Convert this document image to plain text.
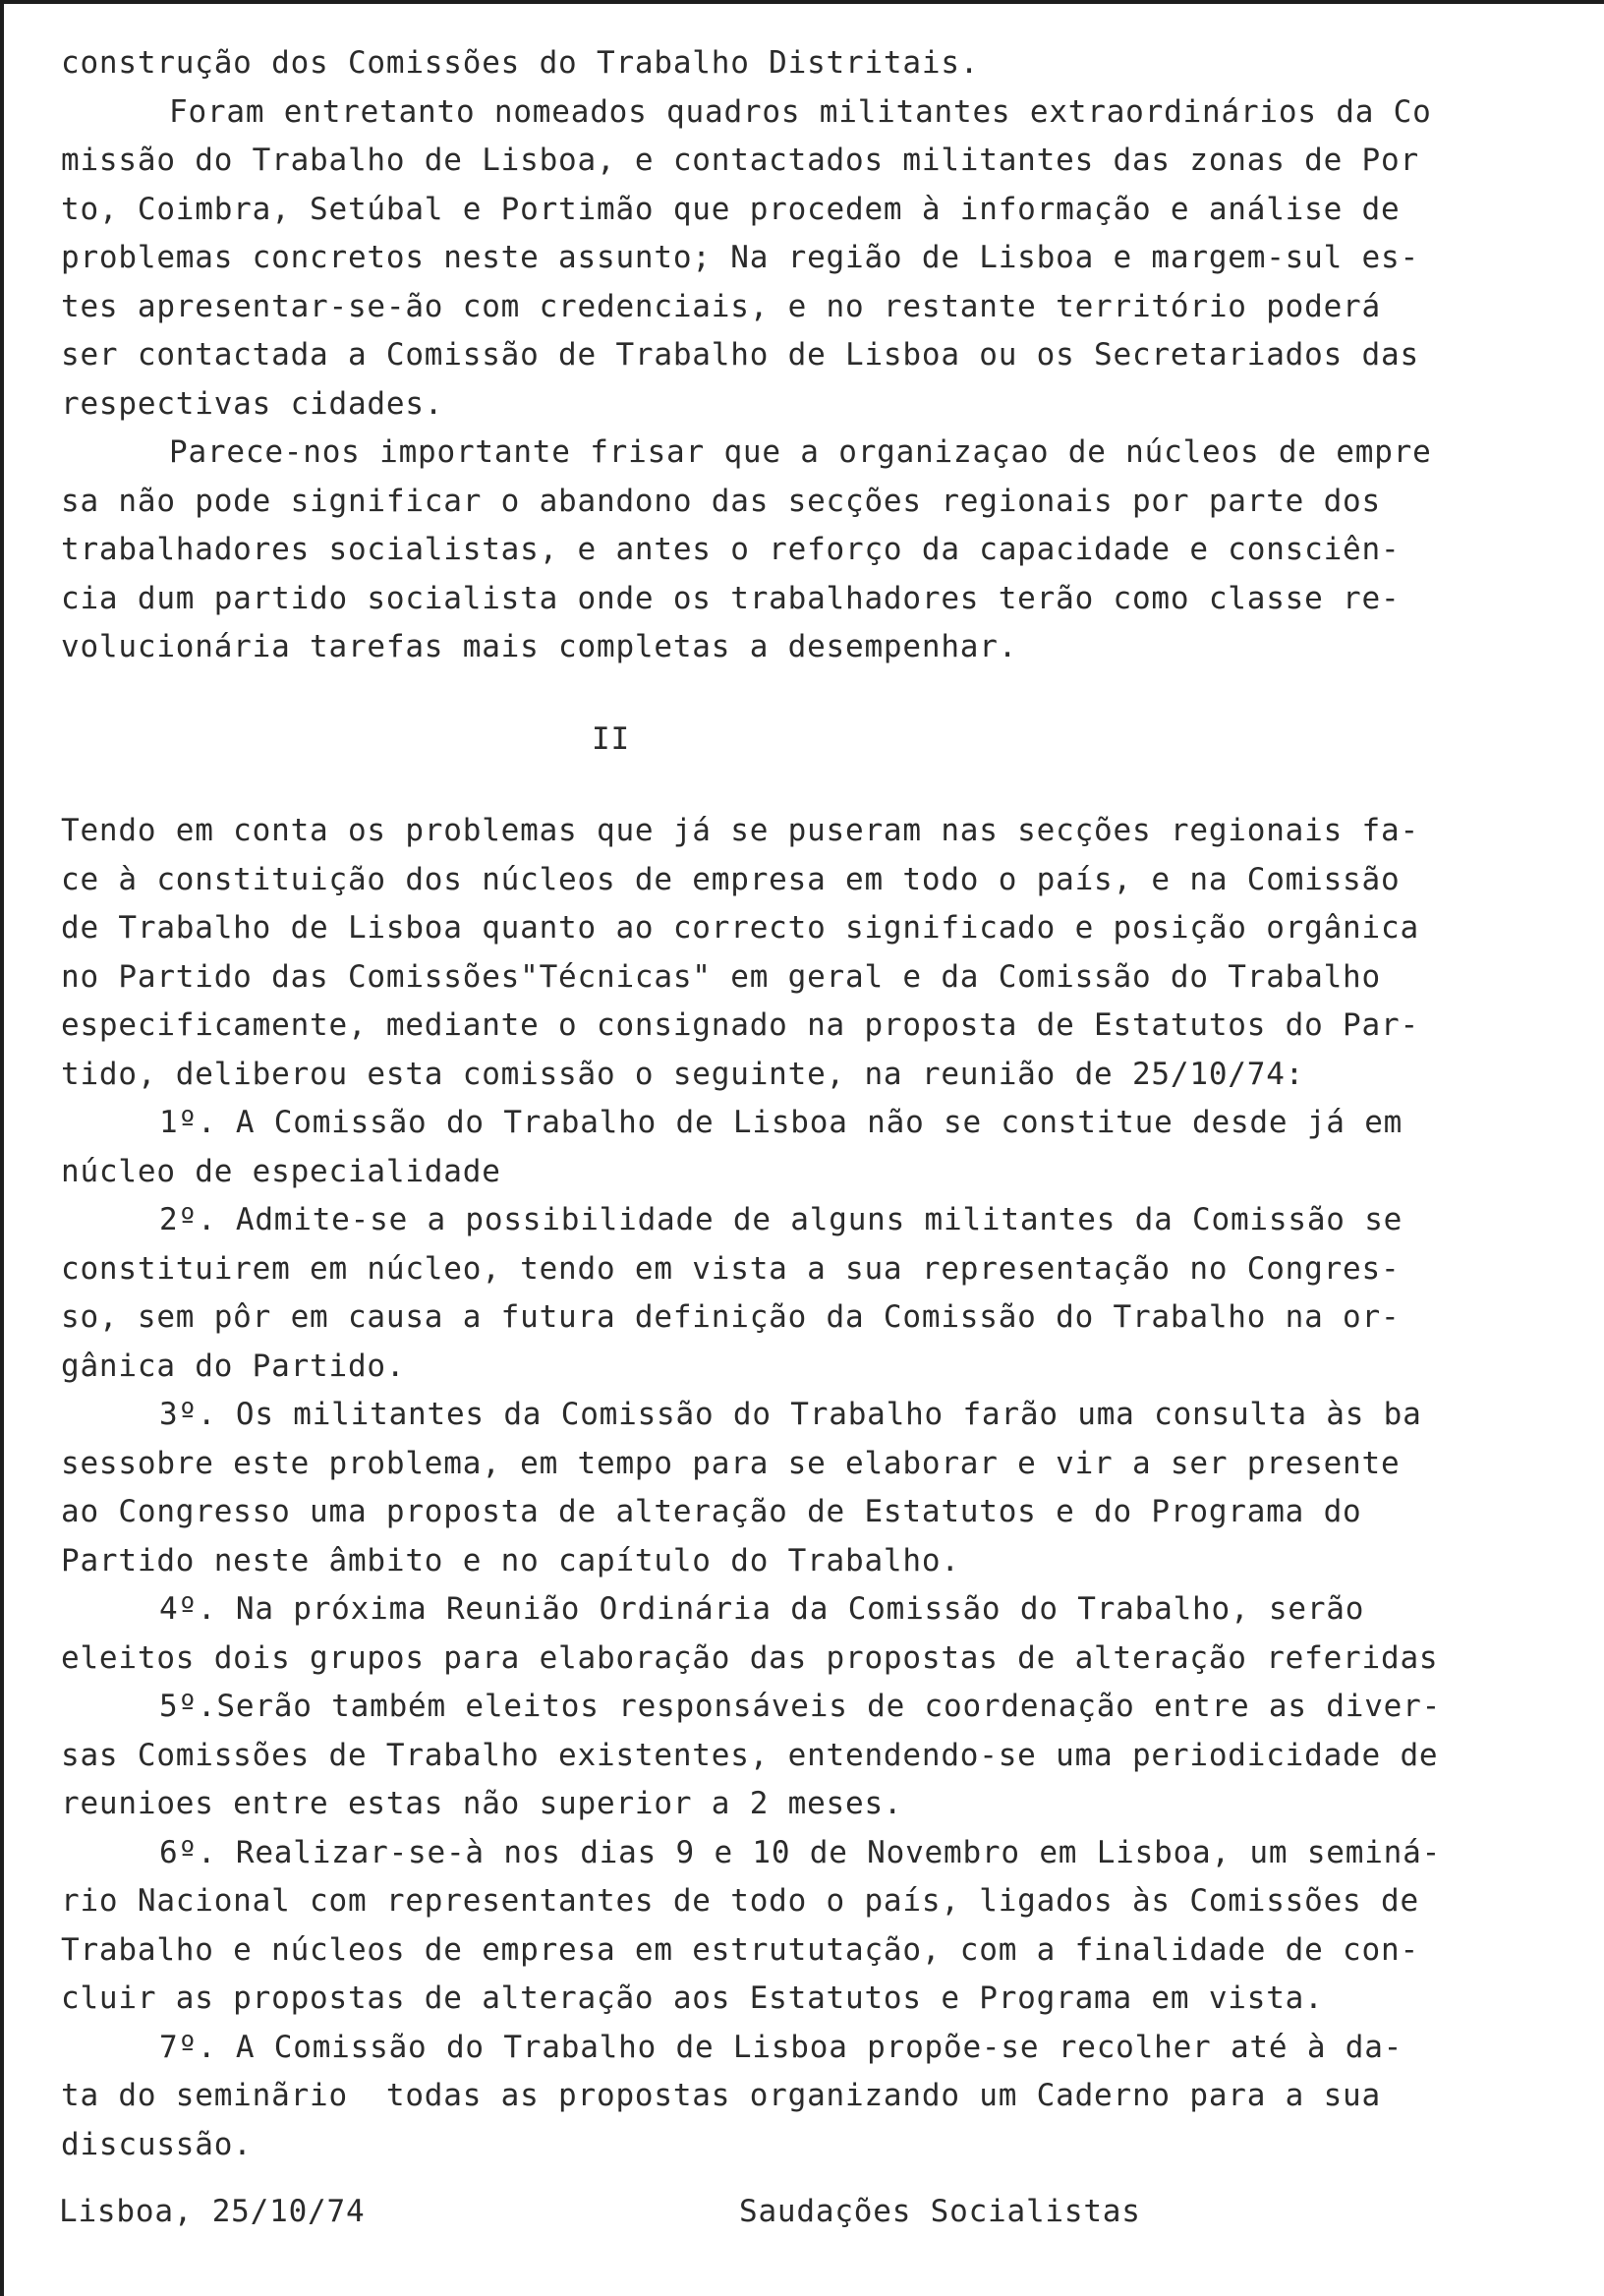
construção dos Comissões do Trabalho Distritais.
Foram entretanto nomeados quadros militantes extraordinários da Co
missão do Trabalho de Lisboa, e contactados militantes das zonas de Por
to, Coimbra, Setúbal e Portimão que procedem à informação e análise de
problemas concretos neste assunto; Na região de Lisboa e margem-sul es-
tes apresentar-se-ão com credenciais, e no restante território poderá
ser contactada a Comissão de Trabalho de Lisboa ou os Secretariados das
respectivas cidades.
Parece-nos importante frisar que a organizaçao de núcleos de empre
sa não pode significar o abandono das secções regionais por parte dos
trabalhadores socialistas, e antes o reforço da capacidade e consciên-
cia dum partido socialista onde os trabalhadores terão como classe re-
volucionária tarefas mais completas a desempenhar.
II
Tendo em conta os problemas que já se puseram nas secções regionais fa-
ce à constituição dos núcleos de empresa em todo o país, e na Comissão
de Trabalho de Lisboa quanto ao correcto significado e posição orgânica
no Partido das Comissões"Técnicas" em geral e da Comissão do Trabalho
especificamente, mediante o consignado na proposta de Estatutos do Par-
tido, deliberou esta comissão o seguinte, na reunião de 25/10/74:
1º. A Comissão do Trabalho de Lisboa não se constitue desde já em
núcleo de especialidade
2º. Admite-se a possibilidade de alguns militantes da Comissão se
constituirem em núcleo, tendo em vista a sua representação no Congres-
so, sem pôr em causa a futura definição da Comissão do Trabalho na or-
gânica do Partido.
3º. Os militantes da Comissão do Trabalho farão uma consulta às ba
sessobre este problema, em tempo para se elaborar e vir a ser presente
ao Congresso uma proposta de alteração de Estatutos e do Programa do
Partido neste âmbito e no capítulo do Trabalho.
4º. Na próxima Reunião Ordinária da Comissão do Trabalho, serão
eleitos dois grupos para elaboração das propostas de alteração referidas
5º.Serão também eleitos responsáveis de coordenação entre as diver-
sas Comissões de Trabalho existentes, entendendo-se uma periodicidade de
reunioes entre estas não superior a 2 meses.
6º. Realizar-se-à nos dias 9 e 10 de Novembro em Lisboa, um seminá-
rio Nacional com representantes de todo o país, ligados às Comissões de
Trabalho e núcleos de empresa em estrututação, com a finalidade de con-
cluir as propostas de alteração aos Estatutos e Programa em vista.
7º. A Comissão do Trabalho de Lisboa propõe-se recolher até à da-
ta do seminãrio  todas as propostas organizando um Caderno para a sua
discussão.
Lisboa, 25/10/74	Saudações Socialistas
